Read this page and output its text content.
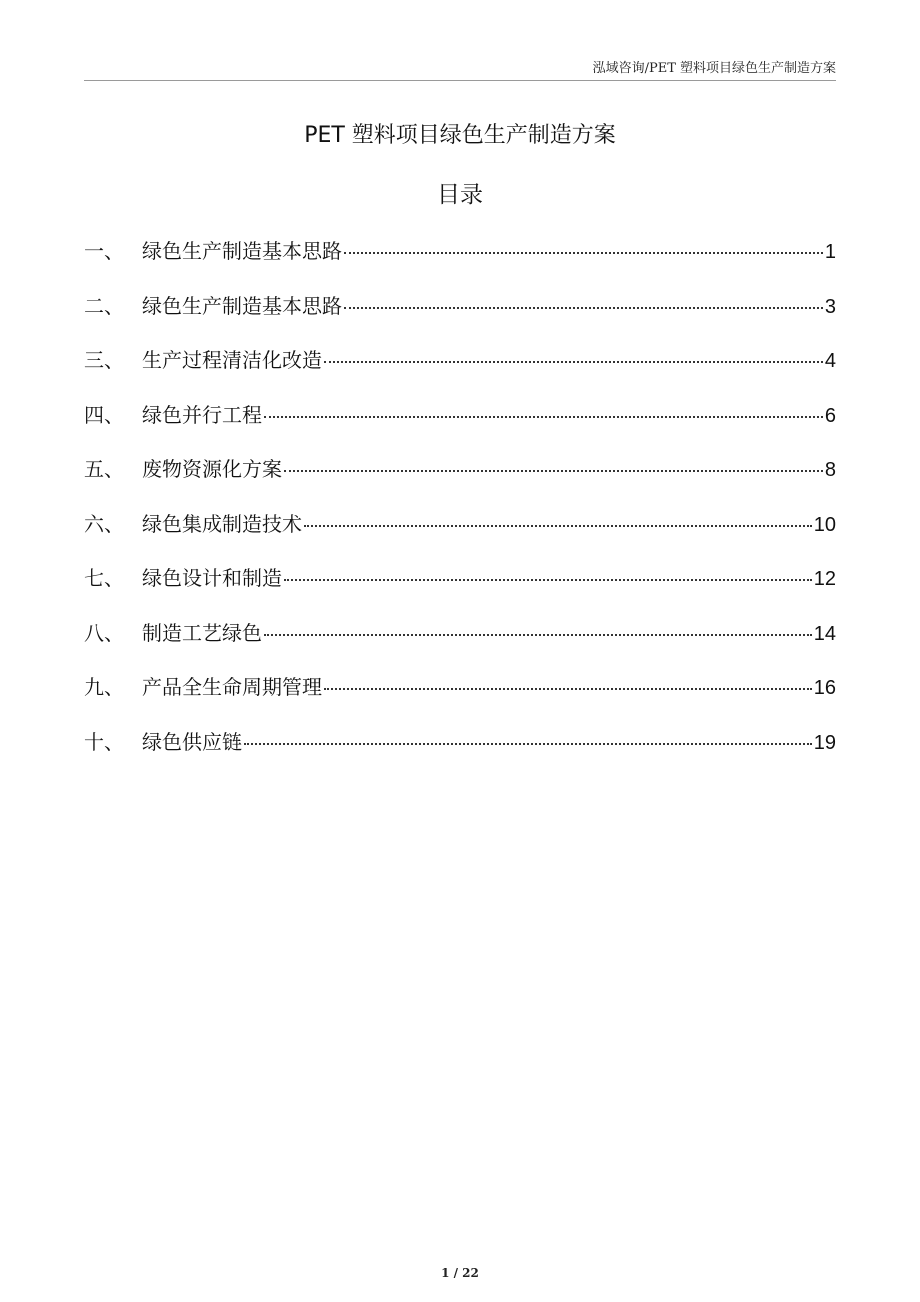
泓域咨询/PET 塑料项目绿色生产制造方案
PET 塑料项目绿色生产制造方案
目录
一、 绿色生产制造基本思路	1
二、 绿色生产制造基本思路	3
三、 生产过程清洁化改造	4
四、 绿色并行工程	6
五、 废物资源化方案	8
六、 绿色集成制造技术	10
七、 绿色设计和制造	12
八、 制造工艺绿色	14
九、 产品全生命周期管理	16
十、 绿色供应链	19
1 / 22
